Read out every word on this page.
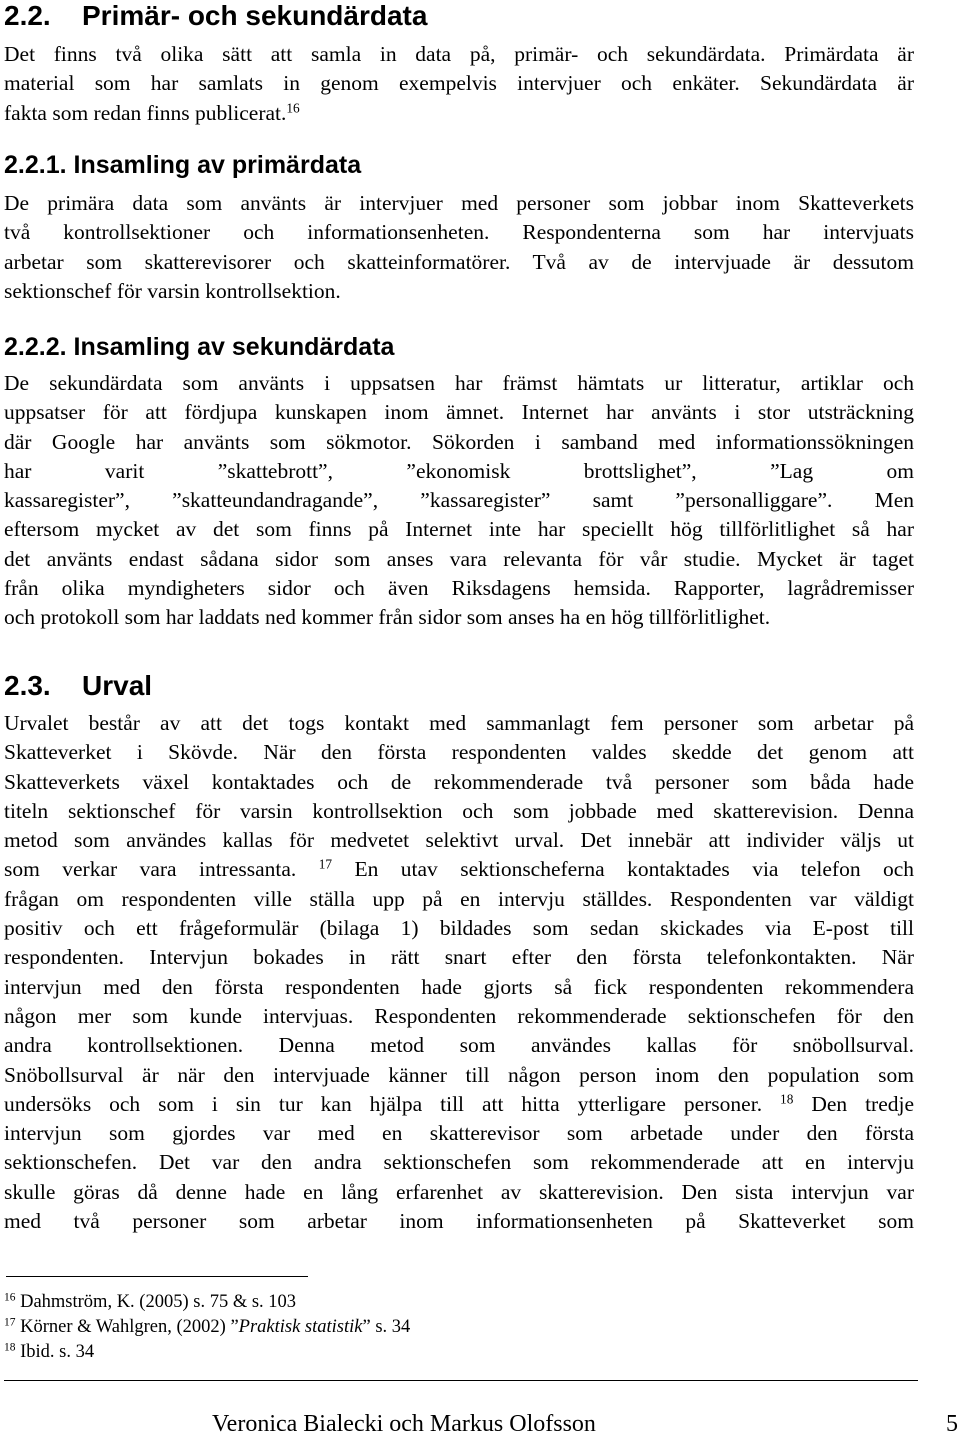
2.2. Primär- och sekundärdata
Det finns två olika sätt att samla in data på, primär- och sekundärdata. Primärdata är
material som har samlats in genom exempelvis intervjuer och enkäter. Sekundärdata är
fakta som redan finns publicerat.$^{16}$
2.2.1. Insamling av primärdata
De primära data som använts är intervjuer med personer som jobbar inom Skatteverkets
två kontrollsektioner och informationsenheten. Respondenterna som har intervjuats
arbetar som skatterevisorer och skatteinformatörer. Två av de intervjuade är dessutom
sektionschef för varsin kontrollsektion.
2.2.2. Insamling av sekundärdata
De sekundärdata som använts i uppsatsen har främst hämtats ur litteratur, artiklar och
uppsatser för att fördjupa kunskapen inom ämnet. Internet har använts i stor utsträckning
där Google har använts som sökmotor. Sökorden i samband med informationssökningen
har varit ”skattebrott”, ”ekonomisk brottslighet”, ”Lag om
kassaregister”, ”skatteundandragande”, ”kassaregister” samt ”personalliggare”. Men
eftersom mycket av det som finns på Internet inte har speciellt hög tillförlitlighet så har
det använts endast sådana sidor som anses vara relevanta för vår studie. Mycket är taget
från olika myndigheters sidor och även Riksdagens hemsida. Rapporter, lagrådremisser
och protokoll som har laddats ned kommer från sidor som anses ha en hög tillförlitlighet.
2.3. Urval
Urvalet består av att det togs kontakt med sammanlagt fem personer som arbetar på
Skatteverket i Skövde. När den första respondenten valdes skedde det genom att
Skatteverkets växel kontaktades och de rekommenderade två personer som båda hade
titeln sektionschef för varsin kontrollsektion och som jobbade med skatterevision. Denna
metod som användes kallas för medvetet selektivt urval. Det innebär att individer väljs ut
som verkar vara intressanta. $^{17}$ En utav sektionscheferna kontaktades via telefon och
frågan om respondenten ville ställa upp på en intervju ställdes. Respondenten var väldigt
positiv och ett frågeformulär (bilaga 1) bildades som sedan skickades via E-post till
respondenten. Intervjun bokades in rätt snart efter den första telefonkontakten. När
intervjun med den första respondenten hade gjorts så fick respondenten rekommendera
någon mer som kunde intervjuas. Respondenten rekommenderade sektionschefen för den
andra kontrollsektionen. Denna metod som användes kallas för snöbollsurval.
Snöbollsurval är när den intervjuade känner till någon person inom den population som
undersöks och som i sin tur kan hjälpa till att hitta ytterligare personer. $^{18}$ Den tredje
intervjun som gjordes var med en skatterevisor som arbetade under den första
sektionschefen. Det var den andra sektionschefen som rekommenderade att en intervju
skulle göras då denne hade en lång erfarenhet av skatterevision. Den sista intervjun var
med två personer som arbetar inom informationsenheten på Skatteverket som
$^{16}$ Dahmström, K. (2005) s. 75 & s. 103
$^{17}$ Körner & Wahlgren, (2002) ”Praktisk statistik” s. 34
$^{18}$ Ibid. s. 34
Veronica Bialecki och Markus Olofsson	5
